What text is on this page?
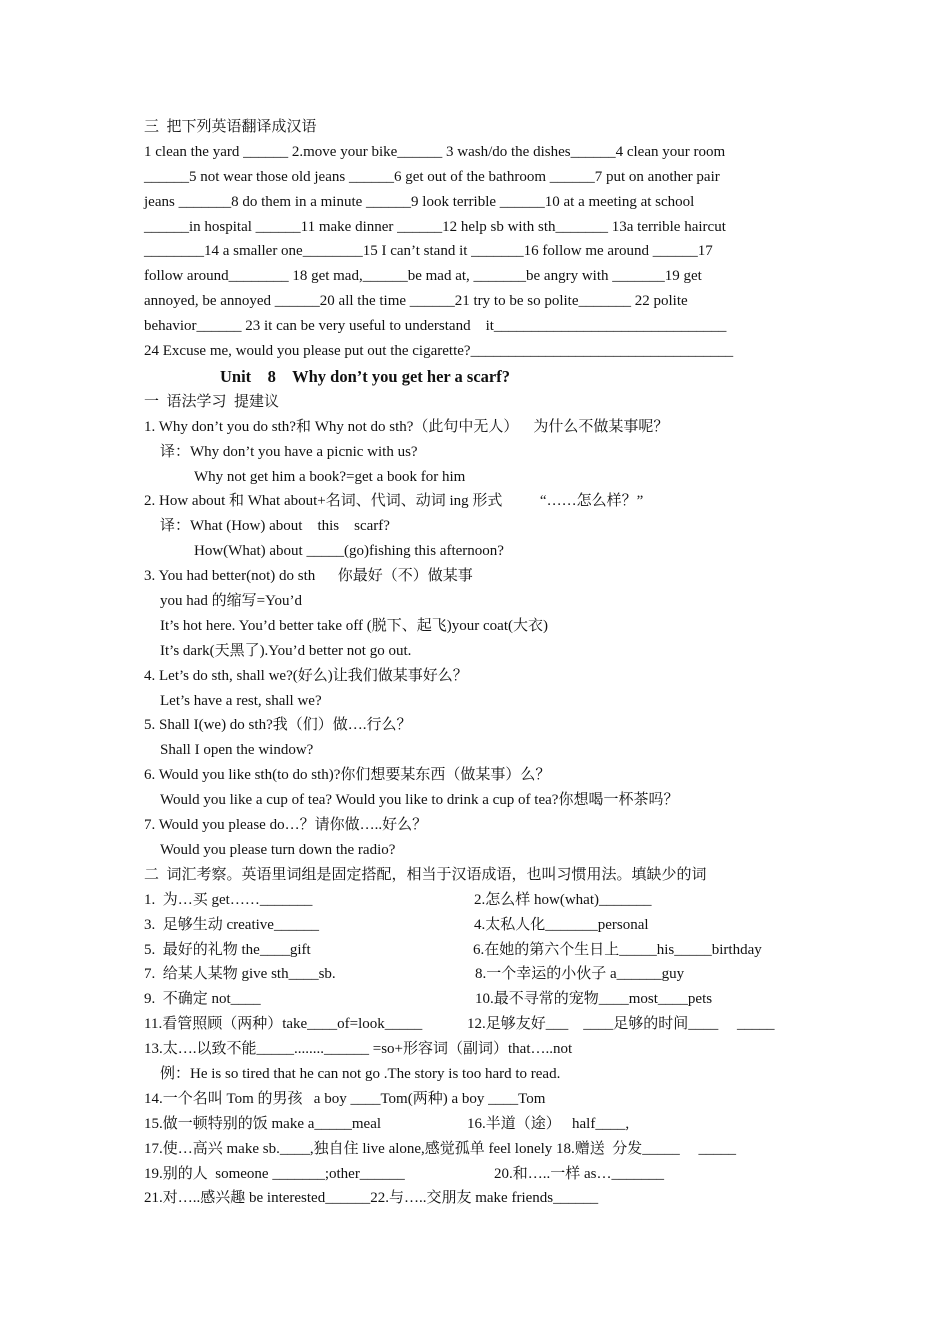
三  把下列英语翻译成汉语
1 clean the yard ______ 2.move your bike______ 3 wash/do the dishes______4 clean your room
______5 not wear those old jeans ______6 get out of the bathroom ______7 put on another pair
jeans _______8 do them in a minute ______9 look terrible ______10 at a meeting at school
______in hospital ______11 make dinner ______12 help sb with sth_______ 13a terrible haircut
________14 a smaller one________15 I can’t stand it _______16 follow me around ______17
follow around________ 18 get mad,______be mad at, _______be angry with _______19 get
annoyed, be annoyed ______20 all the time ______21 try to be so polite_______ 22 polite
behavior______ 23 it can be very useful to understand    it_______________________________
24 Excuse me, would you please put out the cigarette?___________________________________
Unit    8    Why don’t you get her a scarf?
一  语法学习  提建议
1. Why don’t you do sth?和 Why not do sth?（此句中无人）    为什么不做某事呢？
译：Why don’t you have a picnic with us?
Why not get him a book?=get a book for him
2. How about 和 What about+名词、代词、动词 ing 形式          “……怎么样？”
译：What (How) about    this    scarf?
How(What) about _____(go)fishing this afternoon?
3. You had better(not) do sth      你最好（不）做某事
you had 的缩写=You’d
It’s hot here. You’d better take off (脱下、起飞)your coat(大衣)
It’s dark(天黑了).You’d better not go out.
4. Let’s do sth, shall we?(好么)让我们做某事好么？
Let’s have a rest, shall we?
5. Shall I(we) do sth?我（们）做….行么？
Shall I open the window?
6. Would you like sth(to do sth)?你们想要某东西（做某事）么？
Would you like a cup of tea? Would you like to drink a cup of tea?你想喝一杯茶吗？
7. Would you please do…？请你做…..好么？
Would you please turn down the radio?
二  词汇考察。英语里词组是固定搭配，相当于汉语成语，也叫习惯用法。填缺少的词
1.  为…买 get……_______	2.怎么样 how(what)_______
3.  足够生动 creative______	4.太私人化_______personal
5.  最好的礼物 the____gift	6.在她的第六个生日上_____his_____birthday
7.  给某人某物 give sth____sb.	8.一个幸运的小伙子 a______guy
9.  不确定 not____	10.最不寻常的宠物____most____pets
11.看管照顾（两种）take____of=look_____	12.足够友好___    ____足够的时间____     _____
13.太….以致不能_____........______ =so+形容词（副词）that…..not
例：He is so tired that he can not go .The story is too hard to read.
14.一个名叫 Tom 的男孩   a boy ____Tom(两种) a boy ____Tom
15.做一顿特别的饭 make a_____meal	16.半道（途）   half____,
17.使…高兴 make sb.____,独自住 live alone,感觉孤单 feel lonely 18.赠送  分发_____     _____
19.别的人  someone _______;other______	20.和…..一样 as…_______
21.对…..感兴趣 be interested______22.与…..交朋友 make friends______
